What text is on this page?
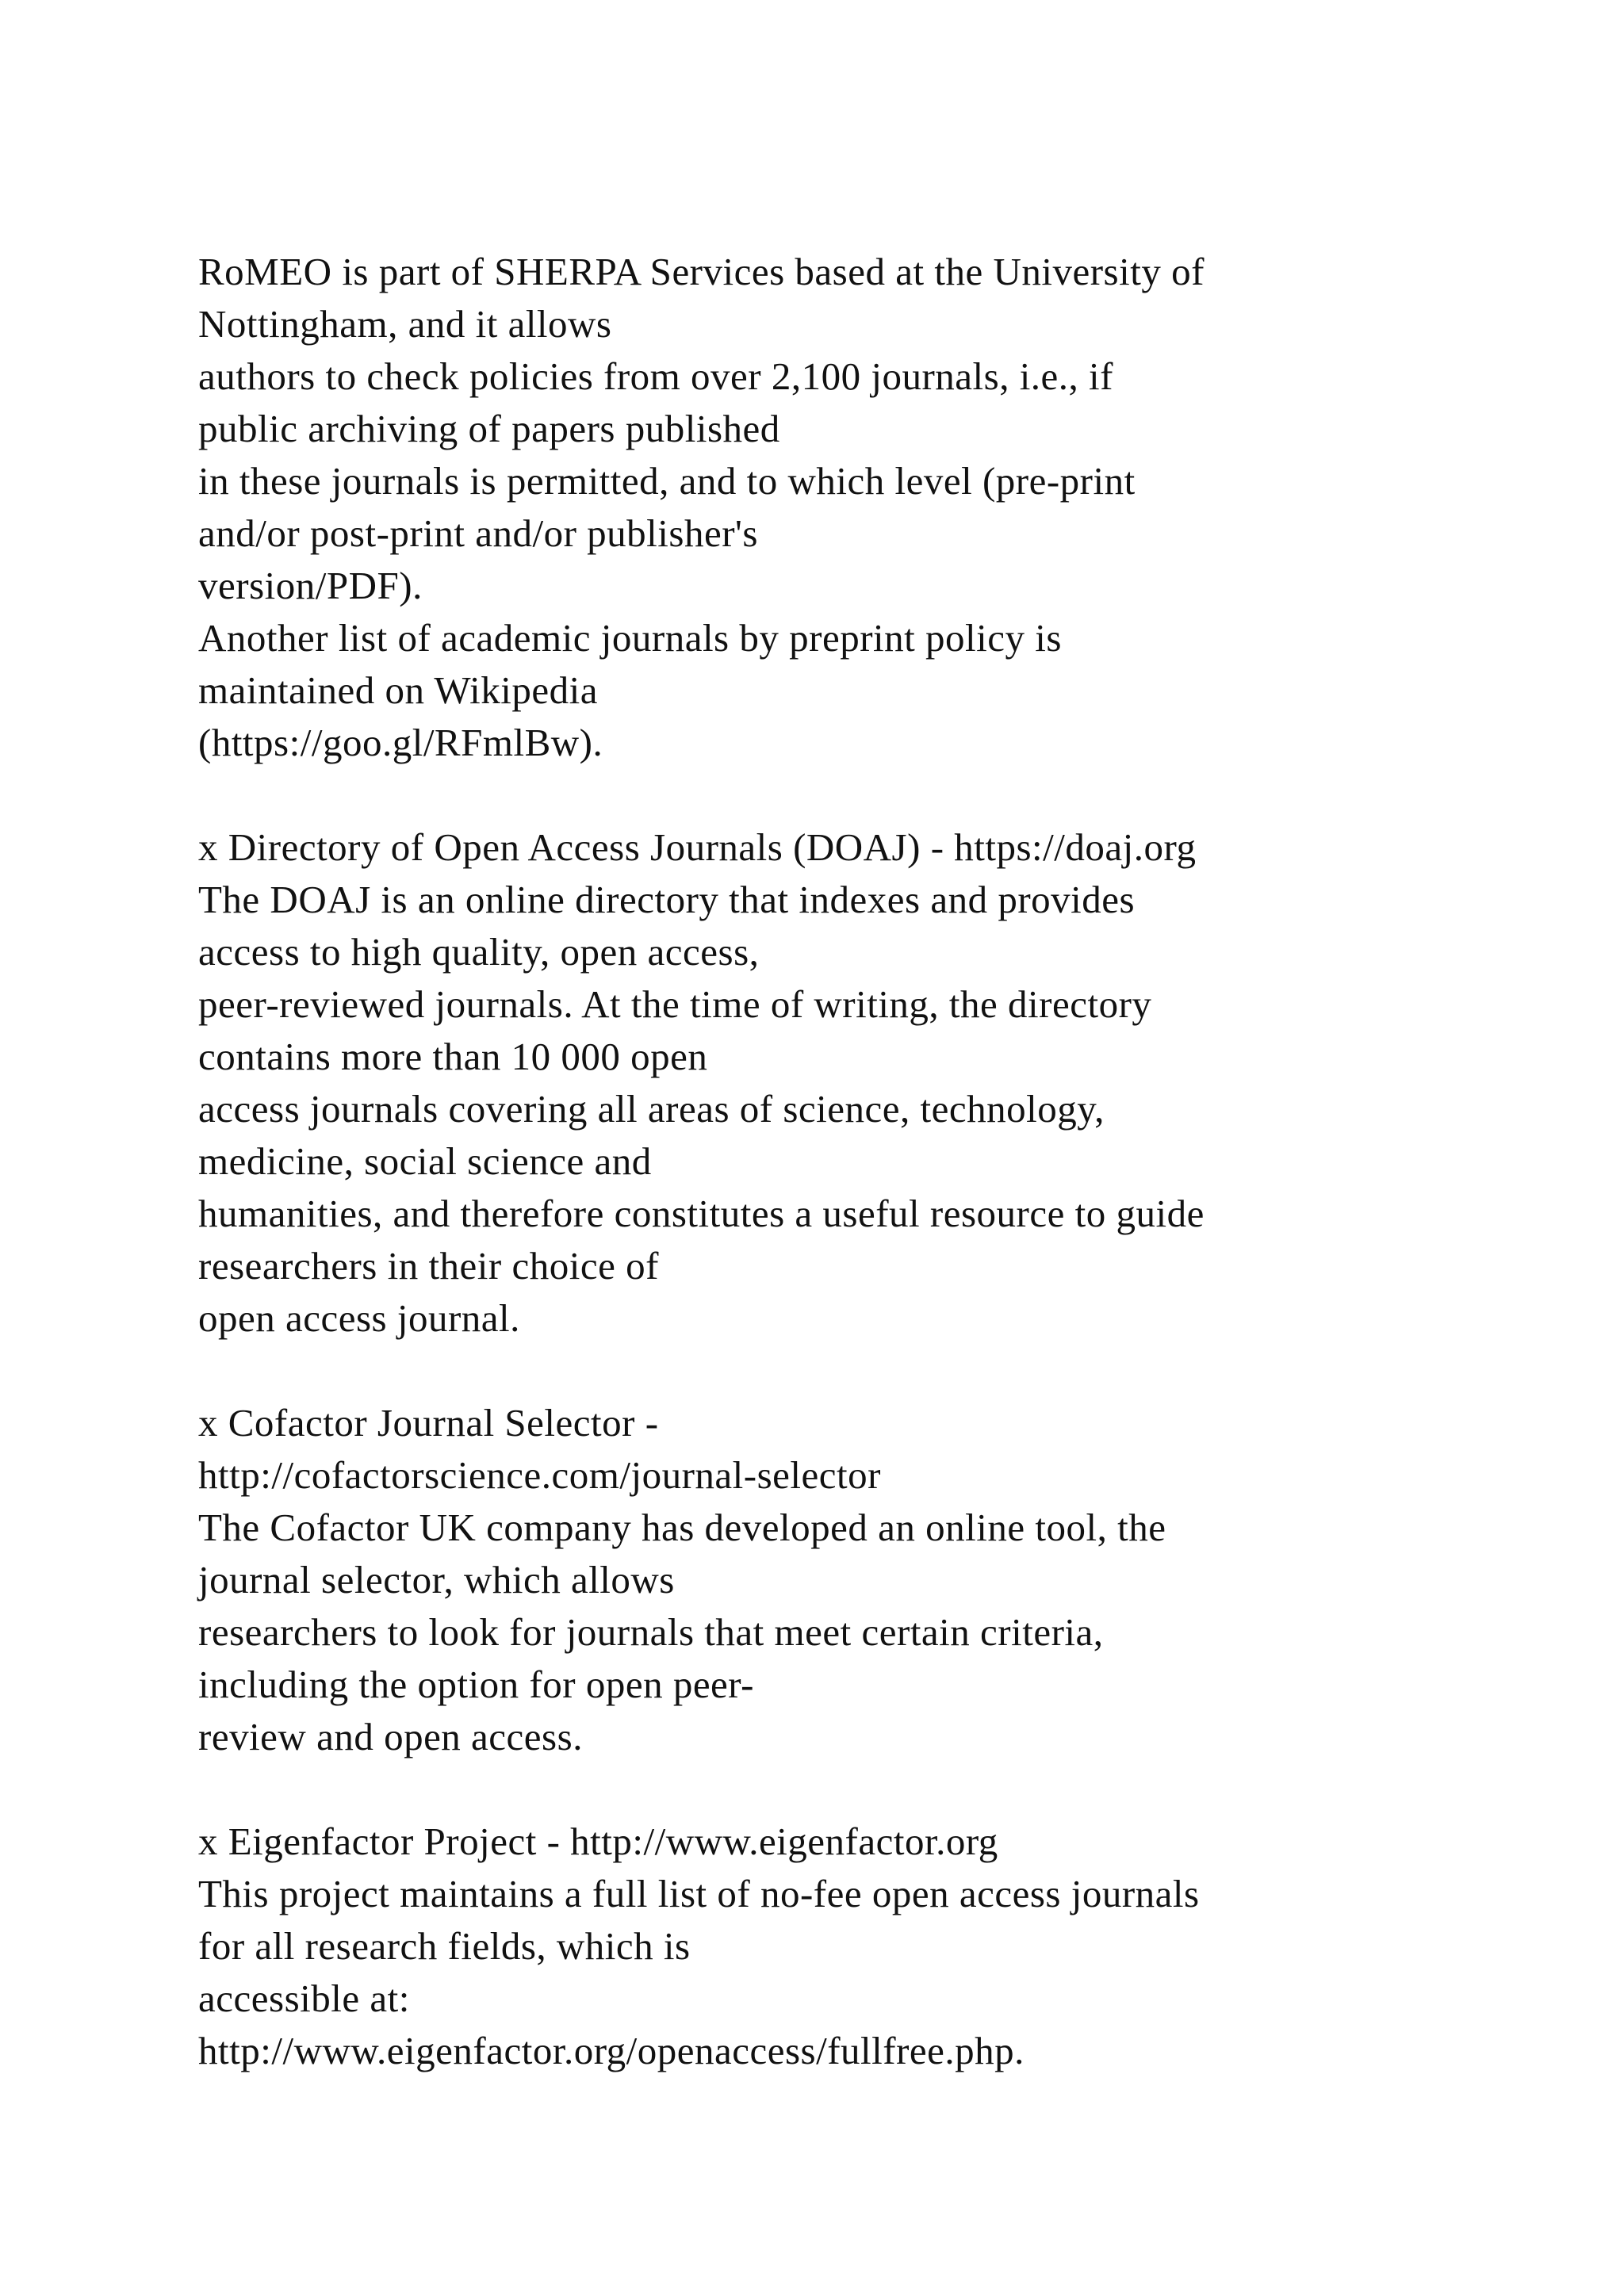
RoMEO is part of SHERPA Services based at the University of
Nottingham, and it allows
authors to check policies from over 2,100 journals, i.e., if
public archiving of papers published
in these journals is permitted, and to which level (pre-print
and/or post-print and/or publisher's
version/PDF).
Another list of academic journals by preprint policy is
maintained on Wikipedia
(https://goo.gl/RFmlBw).
x Directory of Open Access Journals (DOAJ) - https://doaj.org
The DOAJ is an online directory that indexes and provides
access to high quality, open access,
peer-reviewed journals. At the time of writing, the directory
contains more than 10 000 open
access journals covering all areas of science, technology,
medicine, social science and
humanities, and therefore constitutes a useful resource to guide
researchers in their choice of
open access journal.
x Cofactor Journal Selector -
http://cofactorscience.com/journal-selector
The Cofactor UK company has developed an online tool, the
journal selector, which allows
researchers to look for journals that meet certain criteria,
including the option for open peer-
review and open access.
x Eigenfactor Project - http://www.eigenfactor.org
This project maintains a full list of no-fee open access journals
for all research fields, which is
accessible at:
http://www.eigenfactor.org/openaccess/fullfree.php.
